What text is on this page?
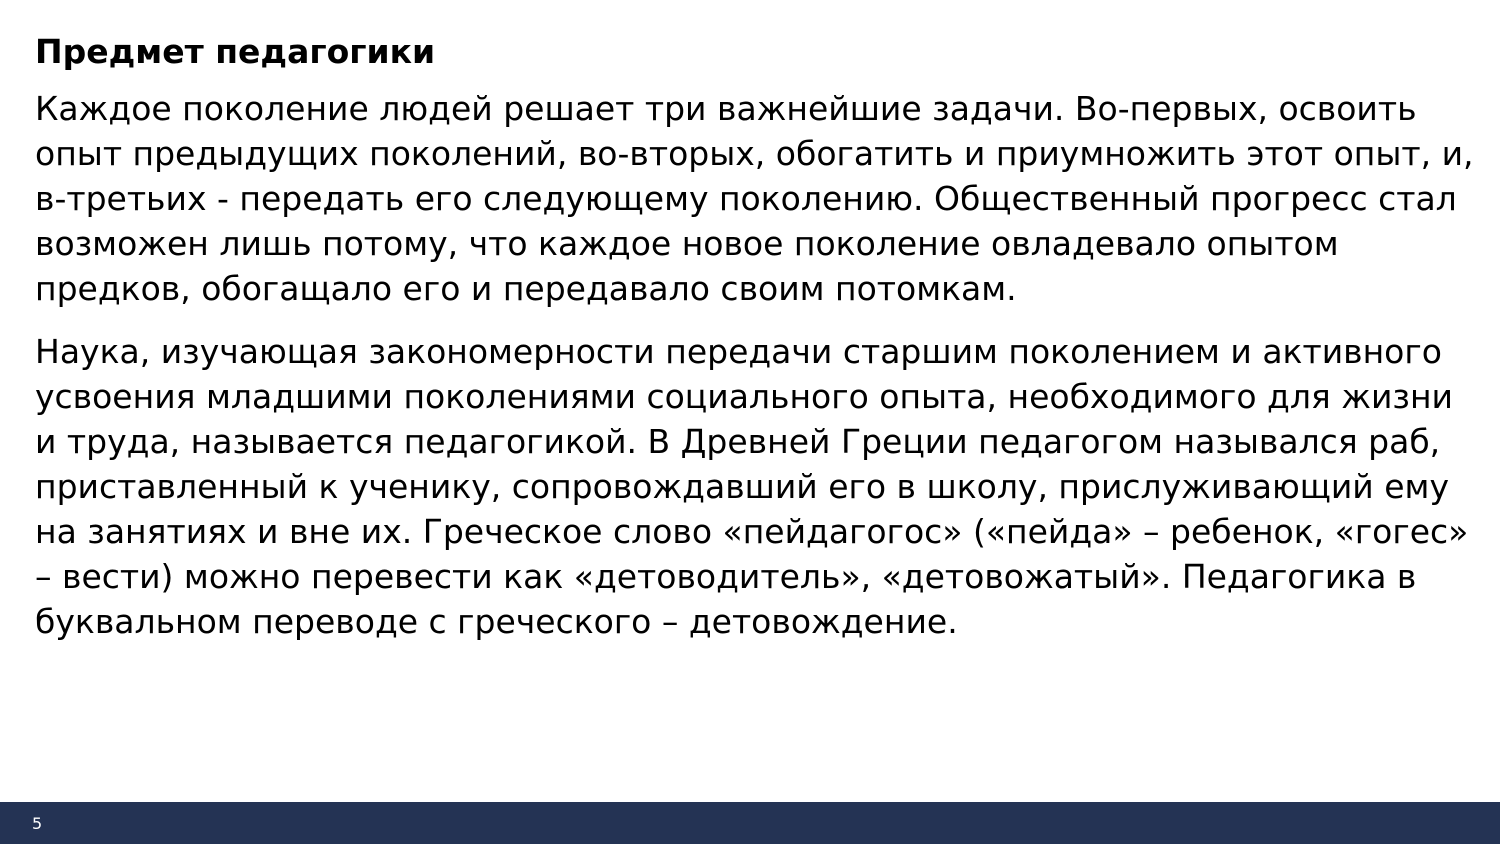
Предмет педагогики

Каждое поколение людей решает три важнейшие задачи. Во-первых, освоить опыт предыдущих поколений, во-вторых, обогатить и приумножить этот опыт, и, в-третьих - передать его следующему поколению. Общественный прогресс стал возможен лишь потому, что каждое новое поколение овладевало опытом предков, обогащало его и передавало своим потомкам.

Наука, изучающая закономерности передачи старшим поколением и активного усвоения младшими поколениями социального опыта, необходимого для жизни и труда, называется педагогикой. В Древней Греции педагогом назывался раб, приставленный к ученику, сопровождавший его в школу, прислуживающий ему на занятиях и вне их. Греческое слово «пейдагогос» («пейда» – ребенок, «гогес» – вести) можно перевести как «детоводитель», «детовожатый». Педагогика в буквальном переводе с греческого – детовождение.

5
